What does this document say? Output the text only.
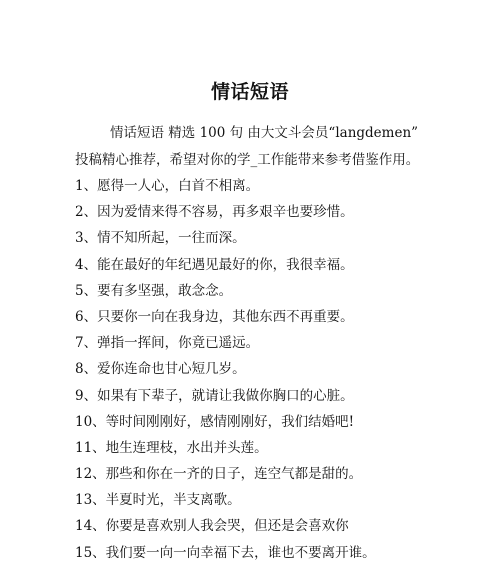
情话短语
情话短语 精选 100 句 由大文斗会员“langdemen”
投稿精心推荐，希望对你的学_工作能带来参考借鉴作用。
1、愿得一人心，白首不相离。
2、因为爱情来得不容易，再多艰辛也要珍惜。
3、情不知所起，一往而深。
4、能在最好的年纪遇见最好的你，我很幸福。
5、要有多坚强，敢念念。
6、只要你一向在我身边，其他东西不再重要。
7、弹指一挥间，你竟已遥远。
8、爱你连命也甘心短几岁。
9、如果有下辈子，就请让我做你胸口的心脏。
10、等时间刚刚好，感情刚刚好，我们结婚吧!
11、地生连理枝，水出并头莲。
12、那些和你在一齐的日子，连空气都是甜的。
13、半夏时光，半支离歌。
14、你要是喜欢别人我会哭，但还是会喜欢你
15、我们要一向一向幸福下去，谁也不要离开谁。
